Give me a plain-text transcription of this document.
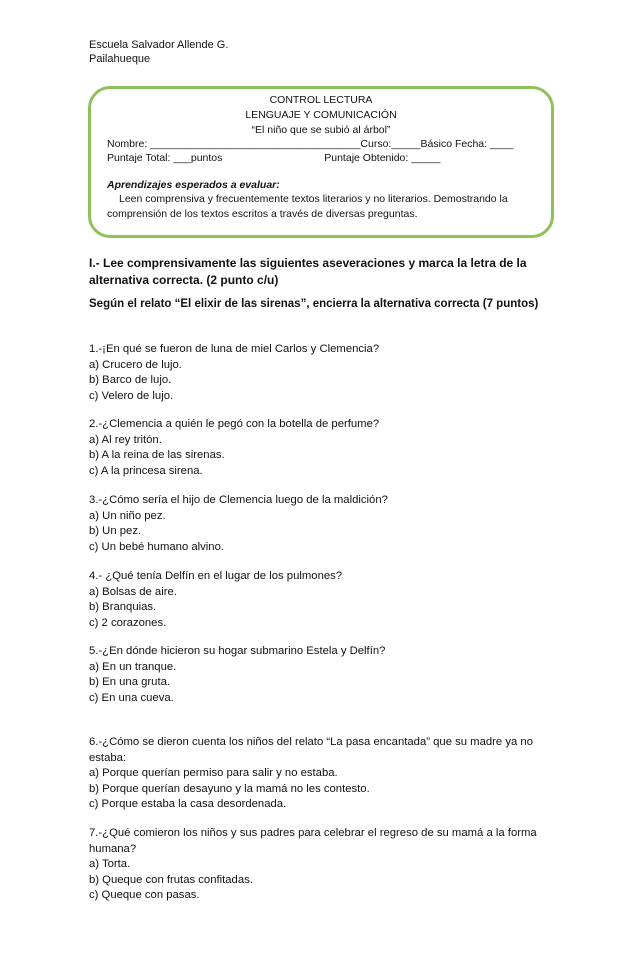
Escuela Salvador Allende G.
Pailahueque
CONTROL LECTURA
LENGUAJE Y COMUNICACIÓN
“El niño que se subió al árbol”
Nombre: ____________________________________Curso:_____Básico Fecha: ____
Puntaje Total: ___puntos	Puntaje Obtenido: _____
Aprendizajes esperados a evaluar:
Leen comprensiva y frecuentemente textos literarios y no literarios. Demostrando la comprensión de los textos escritos a través de diversas preguntas.
I.- Lee comprensivamente las siguientes aseveraciones y marca la letra de la alternativa correcta. (2 punto c/u)
Según el relato “El elixir de las sirenas”, encierra la alternativa correcta (7 puntos)
1.-¡En qué se fueron de luna de miel Carlos y Clemencia?
a) Crucero de lujo.
b) Barco de lujo.
c) Velero de lujo.
2.-¿Clemencia a quién le pegó con la botella de perfume?
a) Al rey tritón.
b) A la reina de las sirenas.
c) A la princesa sirena.
3.-¿Cómo sería el hijo de Clemencia luego de la maldición?
a) Un niño pez.
b) Un pez.
c) Un bebé humano alvino.
4.- ¿Qué tenía Delfín en el lugar de los pulmones?
a) Bolsas de aire.
b) Branquias.
c) 2 corazones.
5.-¿En dónde hicieron su hogar submarino Estela y Delfín?
a) En un tranque.
b) En una gruta.
c) En una cueva.
6.-¿Cómo se dieron cuenta los niños del relato “La pasa encantada” que su madre ya no estaba:
a) Porque querían permiso para salir y no estaba.
b) Porque querían desayuno y la mamá no les contesto.
c) Porque estaba la casa desordenada.
7.-¿Qué comieron los niños y sus padres para celebrar el regreso de su mamá a la forma humana?
a) Torta.
b) Queque con frutas confitadas.
c) Queque con pasas.
